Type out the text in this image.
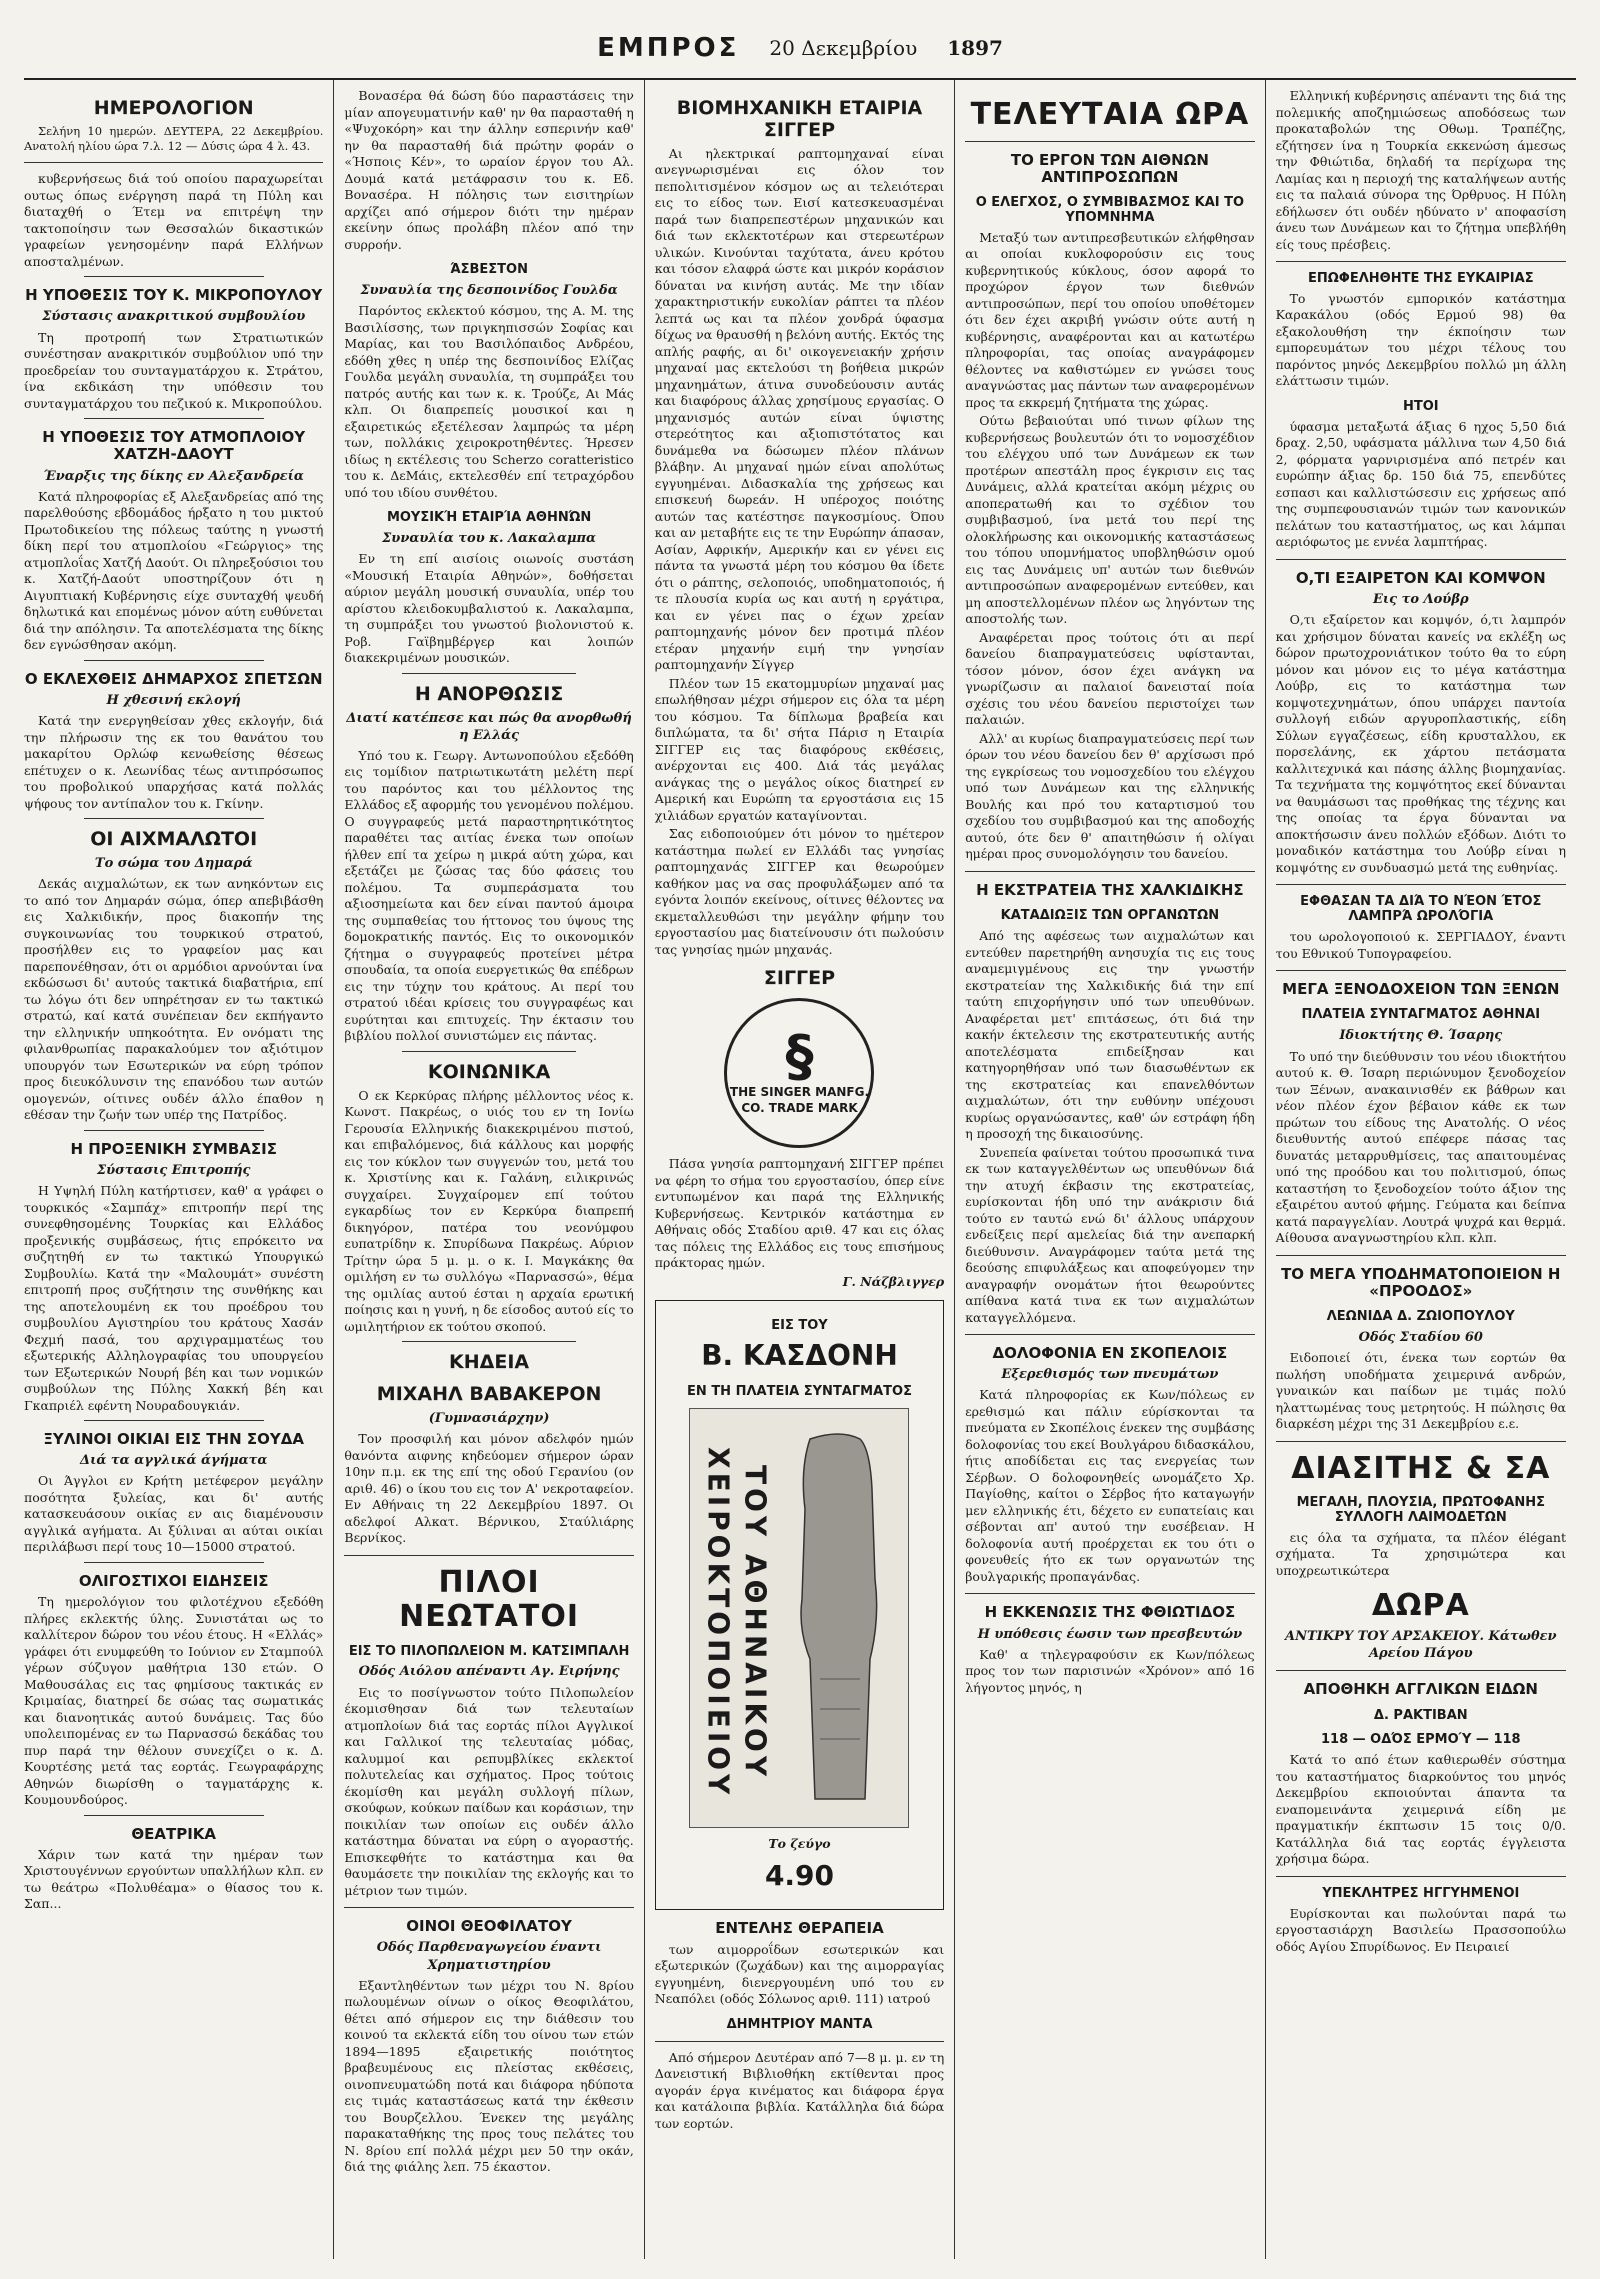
ΕΜΠΡΟΣ 20 Δεκεμβρίου 1897
ΗΜΕΡΟΛΟΓΙΟΝ

Σελήνη 10 ημερών. ΔΕΥΤΕΡΑ, 22 Δεκεμβρίου. Ανατολή ηλίου ώρα 7.λ. 12 — Δύσις ώρα 4 λ. 43.

κυβερνήσεως διά τού οποίου παραχωρείται ουτως όπως ενέργηση παρά τη Πύλη και διαταχθή ο Έτεμ να επιτρέψη την τακτοποίησιν των Θεσσαλών δικαστικών γραφείων γενησομένην παρά Ελλήνων αποσταλμένων.

Η ΥΠΟΘΕΣΙΣ ΤΟΥ Κ. ΜΙΚΡΟΠΟΥΛΟΥ
Σύστασις ανακριτικού συμβουλίου

Τη προτροπή των Στρατιωτικών συνέστησαν ανακριτικόν συμβούλιον υπό την προεδρείαν του συνταγματάρχου κ. Στράτου, ίνα εκδικάση την υπόθεσιν του συνταγματάρχου του πεζικού κ. Μικροπούλου.

Η ΥΠΟΘΕΣΙΣ ΤΟΥ ΑΤΜΟΠΛΟΙΟΥ ΧΑΤΖΗ-ΔΑΟΥΤ
Έναρξις της δίκης εν Αλεξανδρεία

Κατά πληροφορίας εξ Αλεξανδρείας από της παρελθούσης εβδομάδος ήρξατο η του μικτού Πρωτοδικείου της πόλεως ταύτης η γνωστή δίκη περί του ατμοπλοίου «Γεώργιος» της ατμοπλοΐας Χατζή Δαούτ. Οι πληρεξούσιοι του κ. Χατζή-Δαούτ υποστηρίζουν ότι η Αιγυπτιακή Κυβέρνησις είχε συνταχθή ψευδή δηλωτικά και επομένως μόνον αύτη ευθύνεται διά την απόλησιν. Τα αποτελέσματα της δίκης δεν εγνώσθησαν ακόμη.

Ο ΕΚΛΕΧΘΕΙΣ ΔΗΜΑΡΧΟΣ ΣΠΕΤΣΩΝ
Η χθεσινή εκλογή

Κατά την ενεργηθείσαν χθες εκλογήν, διά την πλήρωσιν της εκ του θανάτου του μακαρίτου Ορλώφ κενωθείσης θέσεως επέτυχεν ο κ. Λεωνίδας τέως αντιπρόσωπος του προβολικού υπαρχήσας κατά πολλάς ψήφους τον αντίπαλον του κ. Γκίνην.

ΟΙ ΑΙΧΜΑΛΩΤΟΙ
Το σώμα του Δημαρά

Δεκάς αιχμαλώτων, εκ των ανηκόντων εις το από τον Δημαράν σώμα, όπερ απεβιβάσθη εις Χαλκιδικήν, προς διακοπήν της συγκοινωνίας του τουρκικού στρατού, προσήλθεν εις το γραφείον μας και παρεπονέθησαν, ότι οι αρμόδιοι αρνούνται ίνα εκδώσωσι δι' αυτούς τακτικά διαβατήρια, επί τω λόγω ότι δεν υπηρέτησαν εν τω τακτικώ στρατώ, καί κατά συνέπειαν δεν εκπήγαντο την ελληνικήν υπηκοότητα. Εν ονόματι της φιλανθρωπίας παρακαλούμεν τον αξιότιμον υπουργόν των Εσωτερικών να εύρη τρόπον προς διευκόλυνσιν της επανόδου των αυτών ομογενών, οίτινες ουδέν άλλο έπαθον η εθέσαν την ζωήν των υπέρ της Πατρίδος.

Η ΠΡΟΞΕΝΙΚΗ ΣΥΜΒΑΣΙΣ
Σύστασις Επιτροπής

Η Υψηλή Πύλη κατήρτισεν, καθ' α γράφει ο τουρκικός «Σαμπάχ» επιτροπήν περί της συνεφθησομένης Τουρκίας και Ελλάδος προξενικής συμβάσεως, ήτις επρόκειτο να συζητηθή εν τω τακτικώ Υπουργικώ Συμβουλίω. Κατά την «Μαλουμάτ» συνέστη επιτροπή προς συζήτησιν της συνθήκης και της αποτελουμένη εκ του προέδρου του συμβουλίου Αγιστηρίου του κράτους Χασάν Φεχμή πασά, του αρχιγραμματέως του εξωτερικής Αλληλογραφίας του υπουργείου των Εξωτερικών Νουρή βέη και των νομικών συμβούλων της Πύλης Χακκή βέη και Γκαπριέλ εφέντη Νουραδουγκιάν.

ΞΥΛΙΝΟΙ ΟΙΚΙΑΙ ΕΙΣ ΤΗΝ ΣΟΥΔΑ
Διά τα αγγλικά άγήματα

Οι Άγγλοι εν Κρήτη μετέφερον μεγάλην ποσότητα ξυλείας, και δι' αυτής κατασκευάσουν οικίας εν αις διαμένουσιν αγγλικά αγήματα. Αι ξύλιναι αι αύται οικίαι περιλάβωσι περί τους 10—15000 στρατού.

ΟΛΙΓΟΣΤΙΧΟΙ ΕΙΔΗΣΕΙΣ

Τη ημερολόγιον του φιλοτέχνου εξεδόθη πλήρες εκλεκτής ύλης. Συνιστάται ως το καλλίτερον δώρον του νέου έτους. Η «Ελλάς» γράφει ότι ενυμφεύθη το Ιούνιον εν Σταμπούλ γέρων σύζυγον μαθήτρια 130 ετών. Ο Μαθουσάλας εις τας φημίσους τακτικάς εν Κριμαίας, διατηρεί δε σώας τας σωματικάς και διανοητικάς αυτού δυνάμεις. Τας δύο υπολειπομένας εν τω Παρνασσώ δεκάδας του πυρ παρά την θέλουν συνεχίζει ο κ. Δ. Κουρτέσης μετά τας εορτάς. Γεωγραφάρχης Αθηνών διωρίσθη ο ταγματάρχης κ. Κουμουνδούρος.

ΘΕΑΤΡΙΚΑ

Χάριν των κατά την ημέραν των Χριστουγέννων εργούντων υπαλλήλων κλπ. εν τω θεάτρω «Πολυθέαμα» ο θίασος του κ. Σαπ...

Βονασέρα θά δώση δύο παραστάσεις την μίαν απογευματινήν καθ' ην θα παρασταθή η «Ψυχοκόρη» και την άλλην εσπερινήν καθ' ην θα παρασταθή διά πρώτην φοράν ο «Ήσποις Κέν», το ωραίον έργον του Αλ. Δουμά κατά μετάφρασιν του κ. Εδ. Βονασέρα. Η πόλησις των εισιτηρίων αρχίζει από σήμερον διότι την ημέραν εκείνην όπως προλάβη πλέον από την συρροήν.

ΆΣΒΕΣΤΟΝ
Συναυλία της δεσποινίδος Γουλδα

Παρόντος εκλεκτού κόσμου, της Α. Μ. της Βασιλίσσης, των πριγκηπισσών Σοφίας και Μαρίας, και του Βασιλόπαιδος Ανδρέου, εδόθη χθες η υπέρ της δεσποινίδος Ελίζας Γουλδα μεγάλη συναυλία, τη συμπράξει του πατρός αυτής και των κ. κ. Τρούζε, Αι Μάς κλπ. Οι διαπρεπείς μουσικοί και η εξαιρετικώς εξετέλεσαν λαμπρώς τα μέρη των, πολλάκις χειροκροτηθέντες. Ήρεσεν ιδίως η εκτέλεσις του Scherzo coratteristico του κ. ΔεΜάις, εκτελεσθέν επί τετραχόρδου υπό του ιδίου συνθέτου.

ΜΟΥΣΙΚΉ ΕΤΑΙΡΊΑ ΑΘΗΝΏΝ
Συναυλία του κ. Λακαλαμπα

Εν τη επί αισίοις οιωνοίς συστάση «Μουσική Εταιρία Αθηνών», δοθήσεται αύριον μεγάλη μουσική συναυλία, υπέρ του αρίστου κλειδοκυμβαλιστού κ. Λακαλαμπα, τη συμπράξει του γνωστού βιολονιστού κ. Ροβ. Γαϊβημβέργερ και λοιπών διακεκριμένων μουσικών.

Η ΑΝΟΡΘΩΣΙΣ
Διατί κατέπεσε και πώς θα ανορθωθή η Ελλάς

Υπό του κ. Γεωργ. Αντωνοπούλου εξεδόθη εις τομίδιον πατριωτικωτάτη μελέτη περί του παρόντος και του μέλλοντος της Ελλάδος εξ αφορμής του γενομένου πολέμου. Ο συγγραφεύς μετά παραστηρητικότητος παραθέτει τας αιτίας ένεκα των οποίων ήλθεν επί τα χείρω η μικρά αύτη χώρα, και εξετάζει με ζώσας τας δύο φάσεις του πολέμου. Τα συμπεράσματα του αξιοσημείωτα και δεν είναι παντού άμοιρα της συμπαθείας του ήττονος του ύψους της δομοκρατικής παντός. Εις το οικονομικόν ζήτημα ο συγγραφεύς προτείνει μέτρα σπουδαία, τα οποία ευεργετικώς θα επέδρων εις την τύχην του κράτους. Αι περί του στρατού ιδέαι κρίσεις του συγγραφέως και ευρύτηται και επιτυχείς. Την έκτασιν του βιβλίου πολλοί συνιστώμεν εις πάντας.

ΚΟΙΝΩΝΙΚΑ

Ο εκ Κερκύρας πλήρης μέλλοντος νέος κ. Κωνστ. Πακρέως, ο υιός του εν τη Ιονίω Γερουσία Ελληνικής διακεκριμένου πιστού, και επιβαλόμενος, διά κάλλους και μορφής εις τον κύκλον των συγγενών του, μετά του κ. Χριστίνης και κ. Γαλάνη, ειλικρινώς συγχαίρει. Συγχαίρομεν επί τούτου εγκαρδίως τον εν Κερκύρα διαπρεπή δικηγόρον, πατέρα του νεονύμφου ευπατρίδην κ. Σπυρίδωνα Πακρέως. Αύριον Τρίτην ώρα 5 μ. μ. ο κ. Ι. Μαγκάκης θα ομιλήση εν τω συλλόγω «Παρνασσώ», θέμα της ομιλίας αυτού έσται η αρχαία ερωτική ποίησις και η γυνή, η δε είσοδος αυτού είς το ωμιλητήριον εκ τούτου σκοπού.

ΚΗΔΕΙΑ
ΜΙΧΑΗΛ ΒΑΒΑΚΕΡΟΝ
(Γυμνασιάρχην)

Τον προσφιλή και μόνον αδελφόν ημών θανόντα αιφνης κηδεύομεν σήμερον ώραν 10ην π.μ. εκ της επί της οδού Γερανίου (ον αριθ. 46) ο ίκου του εις τον Α' νεκροταφείον. Εν Αθήναις τη 22 Δεκεμβρίου 1897. Οι αδελφοί Αλκατ. Βέρνικου, Σταύλιάρης Βερνίκος.

ΠΙΛΟΙ ΝΕΩΤΑΤΟΙ
ΕΙΣ ΤΟ ΠΙΛΟΠΩΛΕΙΟΝ Μ. ΚΑΤΣΙΜΠΑΛΗ
Οδός Αιόλου απέναντι Αγ. Ειρήνης

Εις το ποσίγνωστον τούτο Πιλοπωλείον έκομισθησαν διά των τελευταίων ατμοπλοίων διά τας εορτάς πίλοι Αγγλικοί και Γαλλικοί της τελευταίας μόδας, καλυμμοί και ρεπυμβλίκες εκλεκτοί πολυτελείας και σχήματος. Προς τούτοις έκομίσθη και μεγάλη συλλογή πίλων, σκούφων, κούκων παίδων και κοράσιων, την ποικιλίαν των οποίων εις ουδέν άλλο κατάστημα δύναται να εύρη ο αγοραστής. Επισκεφθήτε το κατάστημα και θα θαυμάσετε την ποικιλίαν της εκλογής και το μέτριον των τιμών.

ΟΙΝΟΙ ΘΕΟΦΙΛΑΤΟΥ
Οδός Παρθεναγωγείου έναντι Χρηματιστηρίου

Εξαντληθέντων των μέχρι του Ν. 8ρίου πωλουμένων οίνων ο οίκος Θεοφιλάτου, θέτει από σήμερον εις την διάθεσιν του κοινού τα εκλεκτά είδη του οίνου των ετών 1894—1895 εξαιρετικής ποιότητος βραβευμένους εις πλείστας εκθέσεις, οινοπνευματώδη ποτά και διάφορα ηδύποτα εις τιμάς καταστάσεως κατά την έκθεσιν του Βουρζελλου. Ένεκεν της μεγάλης παρακαταθήκης της προς τους πελάτες του Ν. 8ρίου επί πολλά μέχρι μεν 50 την οκάν, διά της φιάλης λεπ. 75 έκαστον.

ΒΙΟΜΗΧΑΝΙΚΗ ΕΤΑΙΡΙΑ ΣΙΓΓΕΡ

Αι ηλεκτρικαί ραπτομηχαναί είναι ανεγνωρισμέναι εις όλον τον πεπολιτισμένον κόσμον ως αι τελειότεραι εις το είδος των. Εισί κατεσκευασμέναι παρά των διαπρεπεστέρων μηχανικών και διά των εκλεκτοτέρων και στερεωτέρων υλικών. Κινούνται ταχύτατα, άνευ κρότου και τόσον ελαφρά ώστε και μικρόν κοράσιον δύναται να κινήση αυτάς. Με την ιδίαν χαρακτηριστικήν ευκολίαν ράπτει τα πλέον λεπτά ως και τα πλέον χονδρά ύφασμα δίχως να θραυσθή η βελόνη αυτής. Εκτός της απλής ραφής, αι δι' οικογενειακήν χρήσιν μηχαναί μας εκτελούσι τη βοήθεια μικρών μηχανημάτων, άτινα συνοδεύουσιν αυτάς και διαφόρους άλλας χρησίμους εργασίας. Ο μηχανισμός αυτών είναι ύψιστης στερεότητος και αξιοπιστότατος και δυνάμεθα να δώσωμεν πλέον πλάνων βλάβην. Αι μηχαναί ημών είναι απολύτως εγγυημέναι. Διδασκαλία της χρήσεως και επισκευή δωρεάν. Η υπέροχος ποιότης αυτών τας κατέστησε παγκοσμίους. Όπου και αν μεταβήτε εις τε την Ευρώπην άπασαν, Ασίαν, Αφρικήν, Αμερικήν και εν γένει εις πάντα τα γνωστά μέρη του κόσμου θα ίδετε ότι ο ράπτης, σελοποιός, υποδηματοποιός, ή τε πλουσία κυρία ως και αυτή η εργάτιρα, και εν γένει πας ο έχων χρείαν ραπτομηχανής μόνον δεν προτιμά πλέον ετέραν μηχανήν ειμή την γνησίαν ραπτομηχανήν Σίγγερ

Πλέον των 15 εκατομμυρίων μηχαναί μας επωλήθησαν μέχρι σήμερον εις όλα τα μέρη του κόσμου. Τα δίπλωμα βραβεία και διπλώματα, τα δι' σήτα Πάρισ η Εταιρία ΣΙΓΓΕΡ εις τας διαφόρους εκθέσεις, ανέρχονται εις 400. Διά τάς μεγάλας ανάγκας της ο μεγάλος οίκος διατηρεί εν Αμερική και Ευρώπη τα εργοστάσια εις 15 χιλιάδων εργατών καταγίνονται.

Σας ειδοποιούμεν ότι μόνον το ημέτερον κατάστημα πωλεί εν Ελλάδι τας γνησίας ραπτομηχανάς ΣΙΓΓΕΡ και θεωρούμεν καθήκον μας να σας προφυλάξωμεν από τα εγόντα λοιπόν εκείνους, οίτινες θέλοντες να εκμεταλλευθώσι την μεγάλην φήμην του εργοστασίου μας διατείνουσιν ότι πωλούσιν τας γνησίας ημών μηχανάς.

ΣΙΓΓΕΡ
§
THE SINGER MANFG. CO. TRADE MARK

Πάσα γνησία ραπτομηχανή ΣΙΓΓΕΡ πρέπει να φέρη το σήμα του εργοστασίου, όπερ είνε εντυπωμένον και παρά της Ελληνικής Κυβερνήσεως. Κεντρικόν κατάστημα εν Αθήναις οδός Σταδίου αριθ. 47 και εις όλας τας πόλεις της Ελλάδος εις τους επισήμους πράκτορας ημών.

Γ. Νάζβλιγγερ
ΕΙΣ ΤΟΥ
Β. ΚΑΣΔΟΝΗ
ΕΝ ΤΗ ΠΛΑΤΕΙΑ ΣΥΝΤΑΓΜΑΤΟΣ
ΤΟΥ ΑΘΗΝΑΙΚΟΥ ΧΕΙΡΟΚΤΟΠΟΙΕΙΟΥ
Το ζεύγο
4.90
ΕΝΤΕΛΗΣ ΘΕΡΑΠΕΙΑ

των αιμορροΐδων εσωτερικών και εξωτερικών (ζωχάδων) και της αιμορραγίας εγγυημένη, διενεργουμένη υπό του εν Νεαπόλει (οδός Σόλωνος αριθ. 111) ιατρού

ΔΗΜΗΤΡΙΟΥ ΜΑΝΤΑ

Από σήμερον Δευτέραν από 7—8 μ. μ. εν τη Δανειστική Βιβλιοθήκη εκτίθενται προς αγοράν έργα κινέματος και διάφορα έργα και κατάλοιπα βιβλία. Κατάλληλα διά δώρα των εορτών.

ΤΕΛΕΥΤΑΙΑ ΩΡΑ
ΤΟ ΕΡΓΟΝ ΤΩΝ ΑΙΘΝΩΝ ΑΝΤΙΠΡΟΣΩΠΩΝ
Ο ΕΛΕΓΧΟΣ, Ο ΣΥΜΒΙΒΑΣΜΟΣ ΚΑΙ ΤΟ ΥΠΟΜΝΗΜΑ

Μεταξύ των αντιπρεσβευτικών ελήφθησαν αι οποίαι κυκλοφορούσιν εις τους κυβερνητικούς κύκλους, όσον αφορά το προχώρον έργον των διεθνών αντιπροσώπων, περί του οποίου υποθέτομεν ότι δεν έχει ακριβή γνώσιν ούτε αυτή η κυβέρνησις, αναφέρονται και αι κατωτέρω πληροφορίαι, τας οποίας αναγράφομεν θέλοντες να καθιστώμεν εν γνώσει τους αναγνώστας μας πάντων των αναφερομένων προς τα εκκρεμή ζητήματα της χώρας.

Ούτω βεβαιούται υπό τινων φίλων της κυβερνήσεως βουλευτών ότι το νομοσχέδιον του ελέγχου υπό των Δυνάμεων εκ των προτέρων απεστάλη προς έγκρισιν εις τας Δυνάμεις, αλλά κρατείται ακόμη μέχρις ου αποπερατωθή και το σχέδιον του συμβιβασμού, ίνα μετά του περί της ολοκλήρωσης και οικονομικής καταστάσεως του τόπου υπομνήματος υποβληθώσιν ομού εις τας Δυνάμεις υπ' αυτών των διεθνών αντιπροσώπων αναφερομένων εντεύθεν, και μη αποστελλομένων πλέον ως ληγόντων της αποστολής των.

Αναφέρεται προς τούτοις ότι αι περί δανείου διαπραγματεύσεις υφίστανται, τόσον μόνον, όσον έχει ανάγκη να γνωρίζωσιν αι παλαιοί δανεισταί ποία σχέσις του νέου δανείου περιστοίχει των παλαιών.

Αλλ' αι κυρίως διαπραγματεύσεις περί των όρων του νέου δανείου δεν θ' αρχίσωσι πρό της εγκρίσεως του νομοσχεδίου του ελέγχου υπό των Δυνάμεων και της ελληνικής Βουλής και πρό του καταρτισμού του σχεδίου του συμβιβασμού και της αποδοχής αυτού, ότε δεν θ' απαιτηθώσιν ή ολίγαι ημέραι προς συνομολόγησιν του δανείου.

Η ΕΚΣΤΡΑΤΕΙΑ ΤΗΣ ΧΑΛΚΙΔΙΚΗΣ
ΚΑΤΑΔΙΩΞΙΣ ΤΩΝ ΟΡΓΑΝΩΤΩΝ

Από της αφέσεως των αιχμαλώτων και εντεύθεν παρετηρήθη ανησυχία τις εις τους αναμεμιγμένους εις την γνωστήν εκστρατείαν της Χαλκιδικής διά την επί ταύτη επιχορήγησιν υπό των υπευθύνων. Αναφέρεται μετ' επιτάσεως, ότι διά την κακήν έκτελεσιν της εκστρατευτικής αυτής αποτελέσματα επιδείξησαν και κατηγορηθήσαν υπό των διασωθέντων εκ της εκστρατείας και επανελθόντων αιχμαλώτων, ότι την ευθύνην υπέχουσι κυρίως οργανώσαντες, καθ' ών εστράφη ήδη η προσοχή της δικαιοσύνης.

Συνεπεία φαίνεται τούτου προσωπικά τινα εκ των καταγγελθέντων ως υπευθύνων διά την ατυχή έκβασιν της εκστρατείας, ευρίσκονται ήδη υπό την ανάκρισιν διά τούτο εν ταυτώ ενώ δι' άλλους υπάρχουν ενδείξεις περί αμελείας διά την ανεπαρκή διεύθυνσιν. Αναγράφομεν ταύτα μετά της δεούσης επιφυλάξεως και αποφεύγομεν την αναγραφήν ονομάτων ήτοι θεωρούντες απίθανα κατά τινα εκ των αιχμαλώτων καταγγελλόμενα.

ΔΟΛΟΦΟΝΙΑ ΕΝ ΣΚΟΠΕΛΟΙΣ
Εξερεθισμός των πνευμάτων

Κατά πληροφορίας εκ Κων/πόλεως εν ερεθισμώ και πάλιν εύρίσκονται τα πνεύματα εν Σκοπέλοις ένεκεν της συμβάσης δολοφονίας του εκεί Βουλγάρου διδασκάλου, ήτις αποδίδεται εις τας ενεργείας των Σέρβων. Ο δολοφονηθείς ωνομάζετο Χρ. Παγίοθης, καίτοι ο Σέρβος ήτο καταγωγήν μεν ελληνικής έτι, δέχετο εν ευπατείαις και σέβονται απ' αυτού την ευσέβειαν. Η δολοφονία αυτή προέρχεται εκ του ότι ο φονευθείς ήτο εκ των οργανωτών της βουλγαρικής προπαγάνδας.

Η ΕΚΚΕΝΩΣΙΣ ΤΗΣ ΦΘΙΩΤΙΔΟΣ
Η υπόθεσις έωσιν των πρεσβευτών

Καθ' α τηλεγραφούσιν εκ Κων/πόλεως προς τον των παρισινών «Χρόνον» από 16 λήγοντος μηνός, η

Ελληνική κυβέρνησις απέναντι της διά της πολεμικής αποζημιώσεως αποδόσεως των προκαταβολών της Οθωμ. Τραπέζης, εζήτησεν ίνα η Τουρκία εκκενώση άμεσως την Φθιώτιδα, δηλαδή τα περίχωρα της Λαμίας και η περιοχή της καταλήψεων αυτής εις τα παλαιά σύνορα της Όρθρυος. Η Πύλη εδήλωσεν ότι ουδέν ηδύνατο ν' αποφασίση άνευ των Δυνάμεων και το ζήτημα υπεβλήθη είς τους πρέσβεις.

ΕΠΩΦΕΛΗΘΗΤΕ ΤΗΣ ΕΥΚΑΙΡΙΑΣ

Το γνωστόν εμπορικόν κατάστημα Καρακάλου (οδός Ερμού 98) θα εξακολουθήση την έκποίησιν των εμπορευμάτων του μέχρι τέλους του παρόντος μηνός Δεκεμβρίου πολλώ μη άλλη ελάττωσιν τιμών.

ΗΤΟΙ

ύφασμα μεταξωτά άξιας 6 ηχος 5,50 διά δραχ. 2,50, υφάσματα μάλλινα των 4,50 διά 2, φόρματα γαρνιρισμένα από πετρέν και ευρώπην άξιας δρ. 150 διά 75, επενδύτες εσπασι και καλλιστώσεσιν εις χρήσεως από της συμπεφουσιανών τιμών των κανονικών πελάτων του καταστήματος, ως και λάμπαι αεριόφωτος με εννέα λαμπτήρας.

Ο,ΤΙ ΕΞΑΙΡΕΤΟΝ ΚΑΙ ΚΟΜΨΟΝ
Εις το Λούβρ

Ο,τι εξαίρετον και κομψόν, ό,τι λαμπρόν και χρήσιμον δύναται κανείς να εκλέξη ως δώρον πρωτοχρονιάτικον τούτο θα το εύρη μόνον και μόνον εις το μέγα κατάστημα Λούβρ, εις το κατάστημα των κομψοτεχνημάτων, όπου υπάρχει παντοία συλλογή ειδών αργυροπλαστικής, είδη Σύλων εγγαζέσεως, είδη κρυσταλλου, εκ πορσελάνης, εκ χάρτου πετάσματα καλλιτεχνικά και πάσης άλλης βιομηχανίας. Τα τεχνήματα της κομψότητος εκεί δύνανται να θαυμάσωσι τας προθήκας της τέχνης και της οποίας τα έργα δύνανται να αποκτήσωσιν άνευ πολλών εξόδων. Διότι το μοναδικόν κατάστημα του Λούβρ είναι η κομψότης εν συνδυασμώ μετά της ευθηνίας.

ΕΦΘΑΣΑΝ ΤΑ ΔΙΆ ΤΟ ΝΈΟΝ ΈΤΟΣ ΛΑΜΠΡΆ ΩΡΟΛΌΓΙΑ

του ωρολογοποιού κ. ΣΕΡΓΙΑΔΟΥ, έναντι του Εθνικού Τυπογραφείου.

ΜΕΓΑ ΞΕΝΟΔΟΧΕΙΟΝ ΤΩΝ ΞΕΝΩΝ
ΠΛΑΤΕΙΑ ΣΥΝΤΑΓΜΑΤΟΣ ΑΘΗΝΑΙ
Ιδιοκτήτης Θ. Ίσαρης

Το υπό την διεύθυνσιν του νέου ιδιοκτήτου αυτού κ. Θ. Ίσαρη περιώνυμον ξενοδοχείον των Ξένων, ανακαινισθέν εκ βάθρων και νέον πλέον έχον βέβαιον κάθε εκ των πρώτων του είδους της Ανατολής. Ο νέος διευθυντής αυτού επέφερε πάσας τας δυνατάς μεταρρυθμίσεις, τας απαιτουμένας υπό της προόδου και του πολιτισμού, όπως καταστήση το ξενοδοχείον τούτο άξιον της εξαιρέτου αυτού φήμης. Γεύματα και δείπνα κατά παραγγελίαν. Λουτρά ψυχρά και θερμά. Αίθουσα αναγνωστηρίου κλπ. κλπ.

ΤΟ ΜΕΓΑ ΥΠΟΔΗΜΑΤΟΠΟΙΕΙΟΝ Η «ΠΡΟΟΔΟΣ»
ΛΕΩΝΙΔΑ Δ. ΖΩΙΟΠΟΥΛΟΥ
Οδός Σταδίου 60

Ειδοποιεί ότι, ένεκα των εορτών θα πωλήση υποδήματα χειμερινά ανδρών, γυναικών και παίδων με τιμάς πολύ ηλαττωμένας τους μετρητούς. Η πώλησις θα διαρκέση μέχρι της 31 Δεκεμβρίου ε.ε.

ΔΙΑΣΙΤΗΣ & ΣΑ
ΜΕΓΑΛΗ, ΠΛΟΥΣΙΑ, ΠΡΩΤΟΦΑΝΗΣ ΣΥΛΛΟΓΗ ΛΑΙΜΟΔΕΤΩΝ

εις όλα τα σχήματα, τα πλέον élégant σχήματα. Τα χρησιμώτερα και υποχρεωτικώτερα

ΔΩΡΑ
ΑΝΤΙΚΡΥ ΤΟΥ ΑΡΣΑΚΕΙΟΥ. Κάτωθεν Αρείου Πάγου
ΑΠΟΘΗΚΗ ΑΓΓΛΙΚΩΝ ΕΙΔΩΝ
Δ. ΡΑΚΤΙΒΑΝ
118 — ΟΔΌΣ ΕΡΜΟΎ — 118

Κατά το από έτων καθιερωθέν σύστημα του καταστήματος διαρκούντος του μηνός Δεκεμβρίου εκποιούνται άπαντα τα εναπομεινάντα χειμερινά είδη με πραγματικήν έκπτωσιν 15 τοις 0/0. Κατάλληλα διά τας εορτάς έγγλειστα χρήσιμα δώρα.

ΥΠΕΚΛΗΤΡΕΣ ΗΓΓΥΗΜΕΝΟΙ

Ευρίσκονται και πωλούνται παρά τω εργοστασιάρχη Βασιλείω Πρασσοπούλω οδός Αγίου Σπυρίδωνος. Εν Πειραιεί
